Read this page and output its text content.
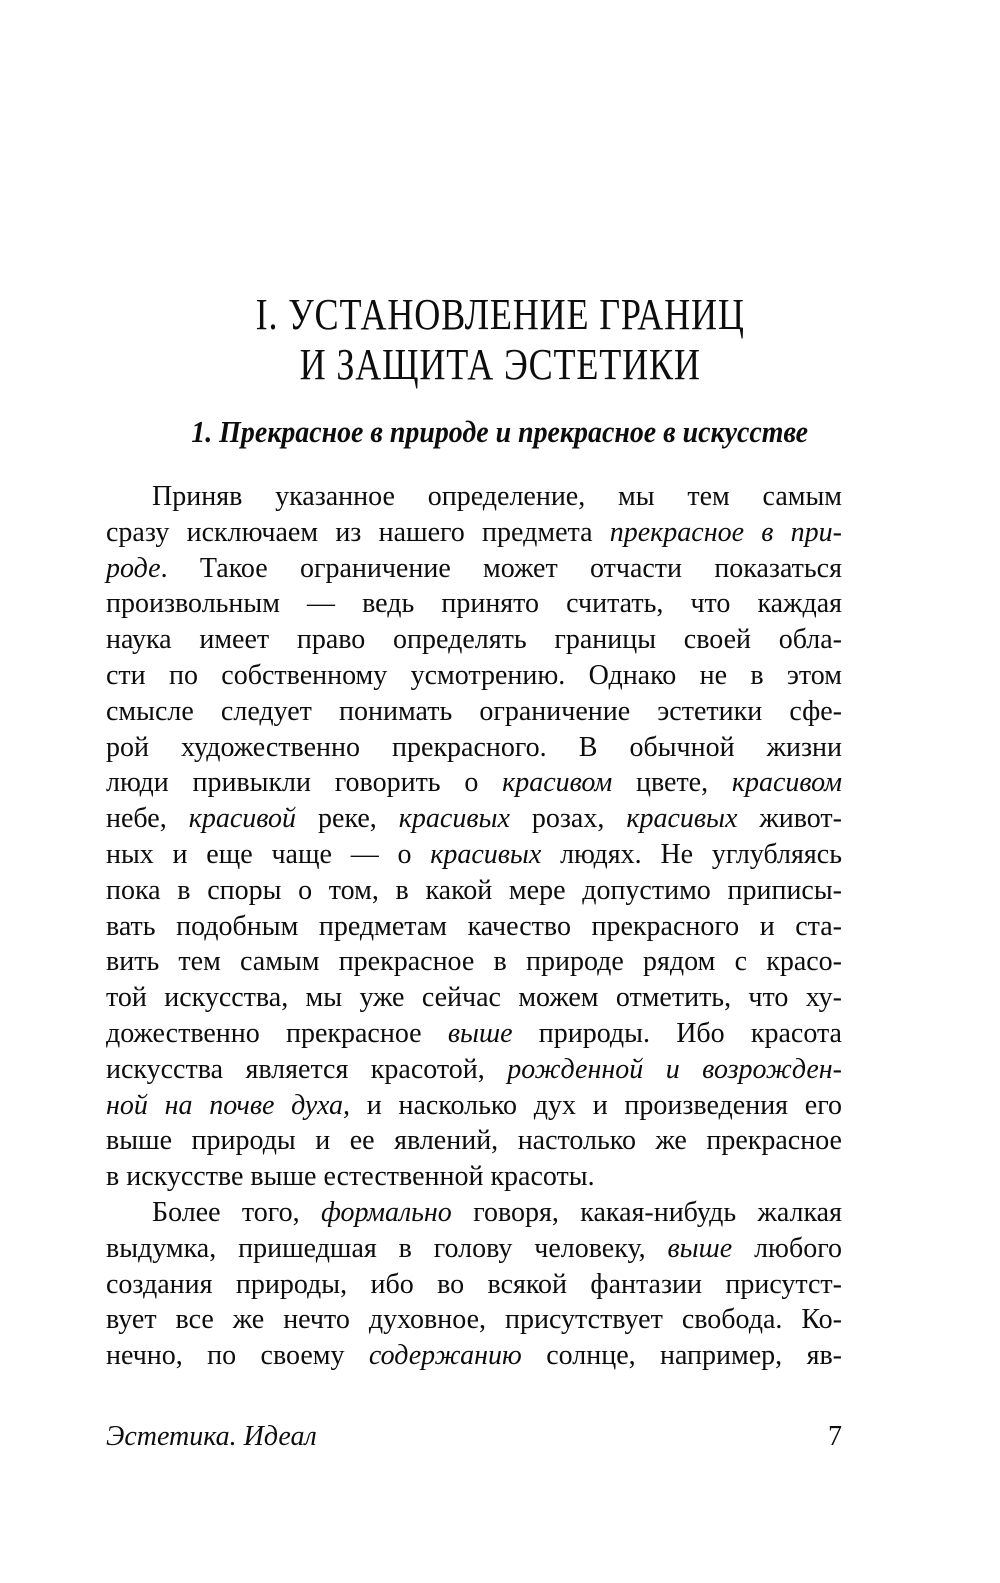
I. УСТАНОВЛЕНИЕ ГРАНИЦ
И ЗАЩИТА ЭСТЕТИКИ
1. Прекрасное в природе и прекрасное в искусстве
Приняв указанное определение, мы тем самым
сразу исключаем из нашего предмета прекрасное в при-
роде. Такое ограничение может отчасти показаться
произвольным — ведь принято считать, что каждая
наука имеет право определять границы своей обла-
сти по собственному усмотрению. Однако не в этом
смысле следует понимать ограничение эстетики сфе-
рой художественно прекрасного. В обычной жизни
люди привыкли говорить о красивом цвете, красивом
небе, красивой реке, красивых розах, красивых живот-
ных и еще чаще — о красивых людях. Не углубляясь
пока в споры о том, в какой мере допустимо приписы-
вать подобным предметам качество прекрасного и ста-
вить тем самым прекрасное в природе рядом с красо-
той искусства, мы уже сейчас можем отметить, что ху-
дожественно прекрасное выше природы. Ибо красота
искусства является красотой, рожденной и возрожден-
ной на почве духа, и насколько дух и произведения его
выше природы и ее явлений, настолько же прекрасное
в искусстве выше естественной красоты.
Более того, формально говоря, какая-нибудь жалкая
выдумка, пришедшая в голову человеку, выше любого
создания природы, ибо во всякой фантазии присутст-
вует все же нечто духовное, присутствует свобода. Ко-
нечно, по своему содержанию солнце, например, яв-
Эстетика. Идеал	7
